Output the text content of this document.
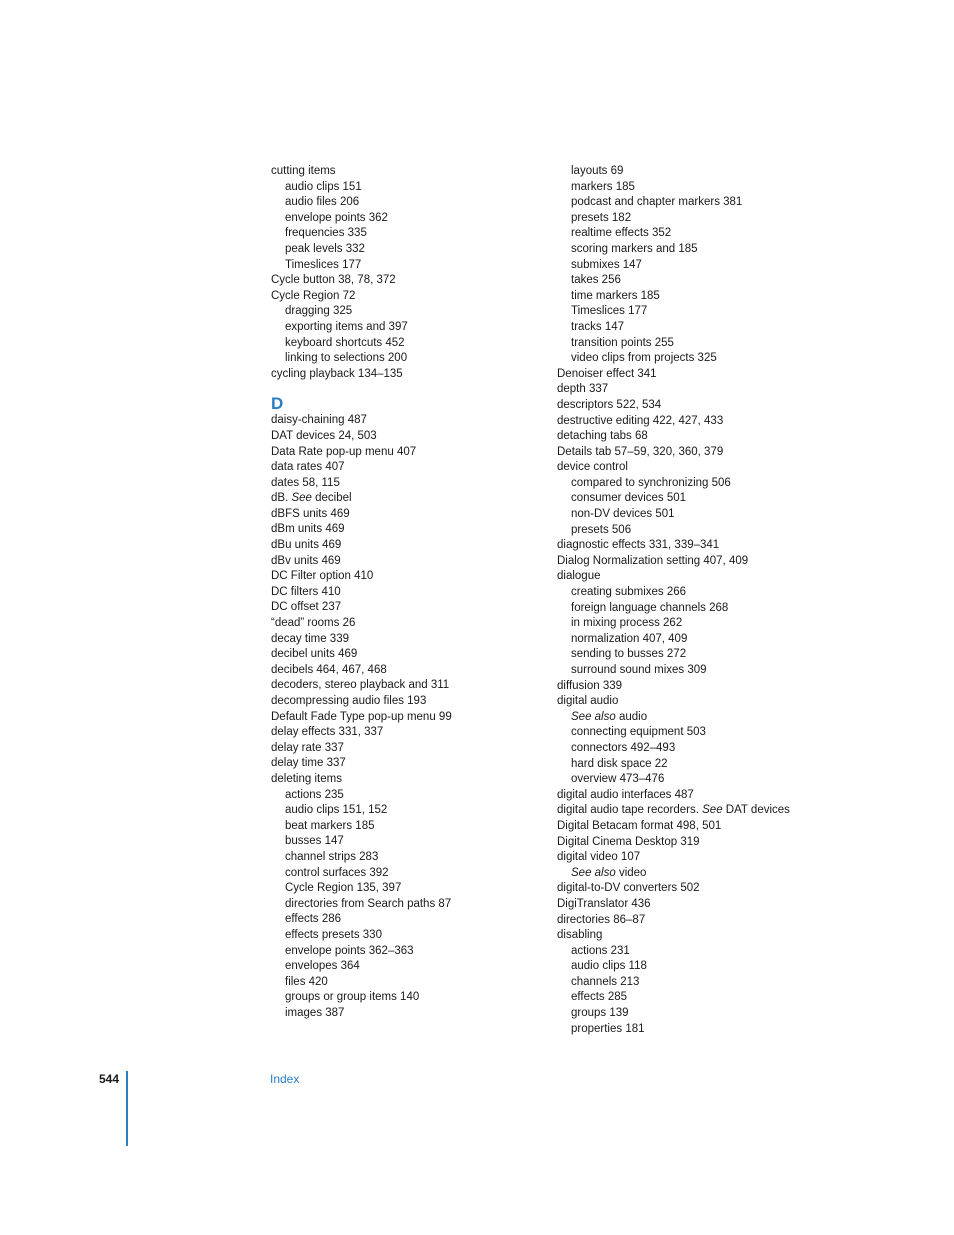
cutting items
audio clips 151
audio files 206
envelope points 362
frequencies 335
peak levels 332
Timeslices 177
Cycle button 38, 78, 372
Cycle Region 72
dragging 325
exporting items and 397
keyboard shortcuts 452
linking to selections 200
cycling playback 134–135
D
daisy-chaining 487
DAT devices 24, 503
Data Rate pop-up menu 407
data rates 407
dates 58, 115
dB. See decibel
dBFS units 469
dBm units 469
dBu units 469
dBv units 469
DC Filter option 410
DC filters 410
DC offset 237
“dead” rooms 26
decay time 339
decibel units 469
decibels 464, 467, 468
decoders, stereo playback and 311
decompressing audio files 193
Default Fade Type pop-up menu 99
delay effects 331, 337
delay rate 337
delay time 337
deleting items
actions 235
audio clips 151, 152
beat markers 185
busses 147
channel strips 283
control surfaces 392
Cycle Region 135, 397
directories from Search paths 87
effects 286
effects presets 330
envelope points 362–363
envelopes 364
files 420
groups or group items 140
images 387
layouts 69
markers 185
podcast and chapter markers 381
presets 182
realtime effects 352
scoring markers and 185
submixes 147
takes 256
time markers 185
Timeslices 177
tracks 147
transition points 255
video clips from projects 325
Denoiser effect 341
depth 337
descriptors 522, 534
destructive editing 422, 427, 433
detaching tabs 68
Details tab 57–59, 320, 360, 379
device control
compared to synchronizing 506
consumer devices 501
non-DV devices 501
presets 506
diagnostic effects 331, 339–341
Dialog Normalization setting 407, 409
dialogue
creating submixes 266
foreign language channels 268
in mixing process 262
normalization 407, 409
sending to busses 272
surround sound mixes 309
diffusion 339
digital audio
See also audio
connecting equipment 503
connectors 492–493
hard disk space 22
overview 473–476
digital audio interfaces 487
digital audio tape recorders. See DAT devices
Digital Betacam format 498, 501
Digital Cinema Desktop 319
digital video 107
See also video
digital-to-DV converters 502
DigiTranslator 436
directories 86–87
disabling
actions 231
audio clips 118
channels 213
effects 285
groups 139
properties 181
544	Index
